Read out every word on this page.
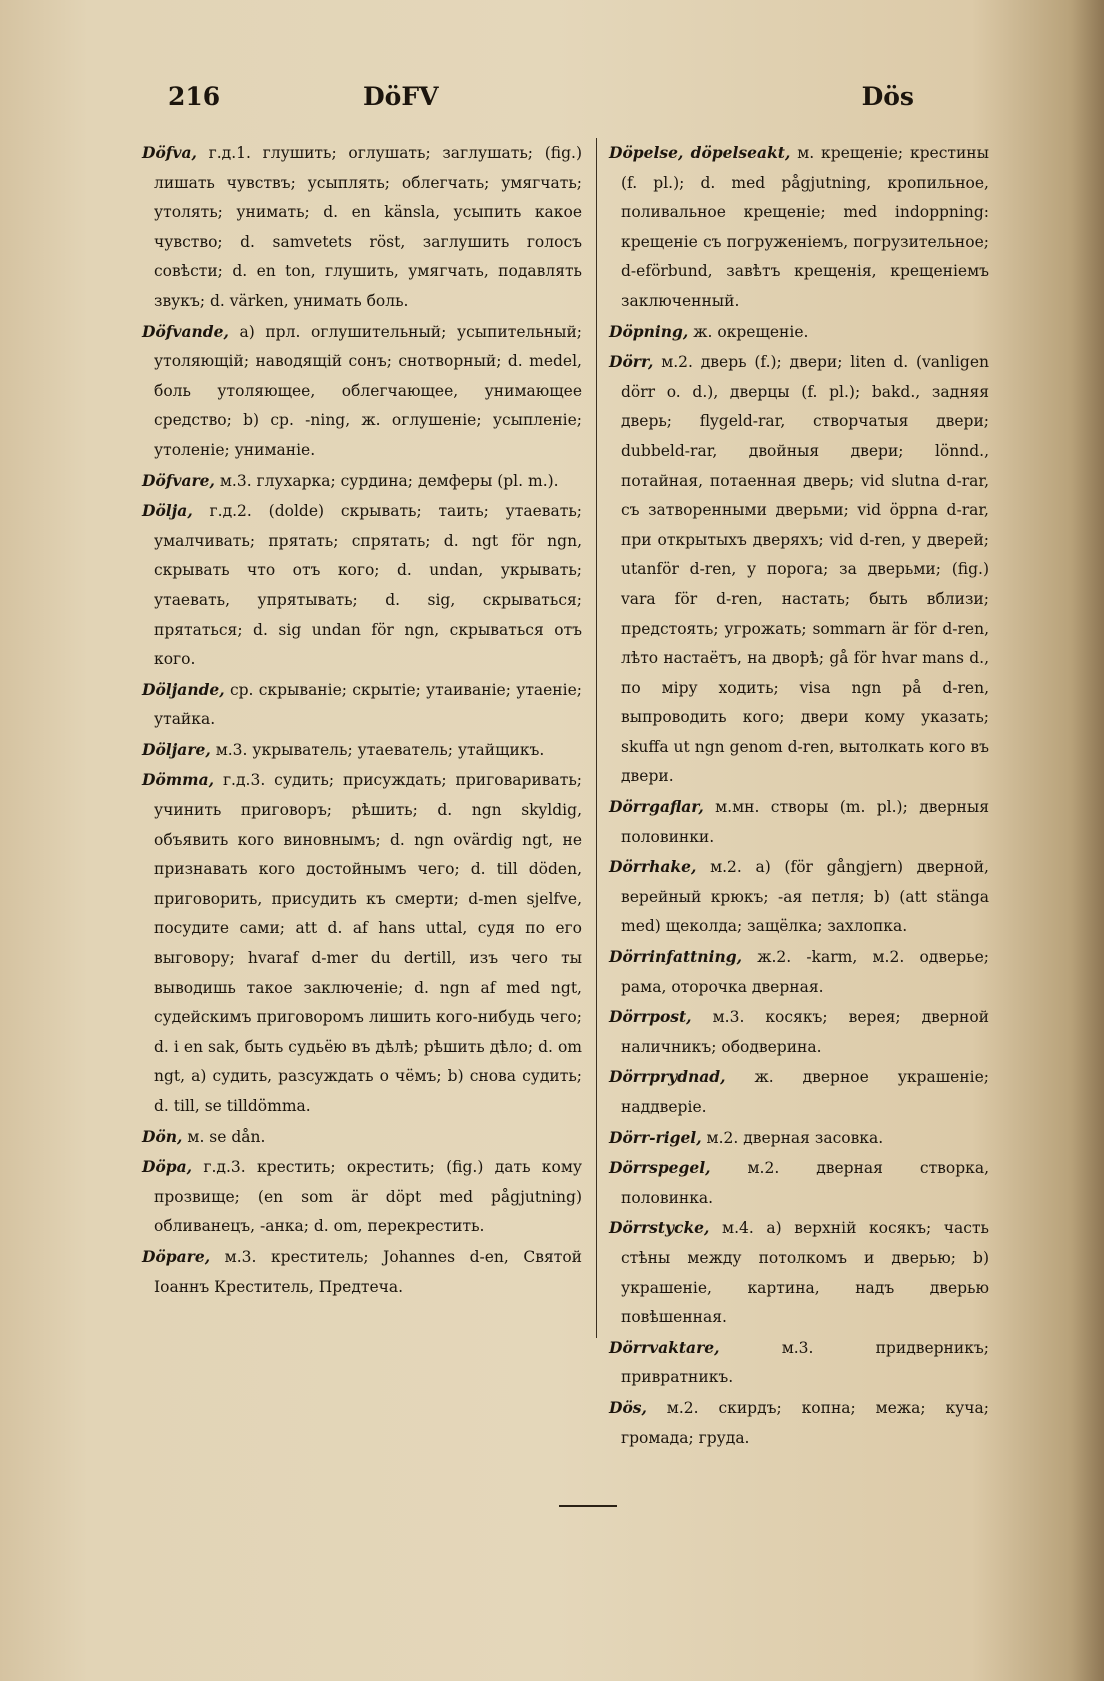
216	DöFV	Dös

Döfva, г.д.1. глушить; оглушать; заглушать; (fig.) лишать чувствъ; усыплять; облегчать; умягчать; утолять; унимать; d. en känsla, усыпить какое чувство; d. samvetets röst, заглушить голосъ совѣсти; d. en ton, глушить, умягчать, подавлять звукъ; d. värken, унимать боль.

Döfvande, а) прл. оглушительный; усыпительный; утоляющій; наводящій сонъ; снотворный; d. medel, боль утоляющее, облегчающее, унимающее средство; b) ср. -ning, ж. оглушеніе; усыпленіе; утоленіе; униманіе.

Döfvare, м.3. глухарка; сурдина; демферы (pl. m.).

Dölja, г.д.2. (dolde) скрывать; таить; утаевать; умалчивать; прятать; спрятать; d. ngt för ngn, скрывать что отъ кого; d. undan, укрывать; утаевать, упрятывать; d. sig, скрываться; прятаться; d. sig undan för ngn, скрываться отъ кого.

Döljande, ср. скрываніе; скрытіе; утаиваніе; утаеніе; утайка.

Döljare, м.3. укрыватель; утаеватель; утайщикъ.

Dömma, г.д.3. судить; присуждать; приговаривать; учинить приговоръ; рѣшить; d. ngn skyldig, объявить кого виновнымъ; d. ngn ovärdig ngt, не признавать кого достойнымъ чего; d. till döden, приговорить, присудить къ смерти; d-men sjelfve, посудите сами; att d. af hans uttal, судя по его выговору; hvaraf d-mer du dertill, изъ чего ты выводишь такое заключеніе; d. ngn af med ngt, судейскимъ приговоромъ лишить кого-нибудь чего; d. i en sak, быть судьёю въ дѣлѣ; рѣшить дѣло; d. om ngt, а) судить, разсуждать о чёмъ; b) снова судить; d. till, se tilldömma.

Dön, м. se dån.

Döpa, г.д.3. крестить; окрестить; (fig.) дать кому прозвище; (en som är döpt med pågjutning) обливанецъ, -анка; d. om, перекрестить.

Döpare, м.3. креститель; Johannes d-en, Святой Іоаннъ Креститель, Предтеча.

Döpelse, döpelseakt, м. крещеніе; крестины (f. pl.); d. med pågjutning, кропильное, поливальное крещеніе; med indoppning: крещеніе съ погруженіемъ, погрузительное; d-eförbund, завѣтъ крещенія, крещеніемъ заключенный.

Döpning, ж. окрещеніе.

Dörr, м.2. дверь (f.); двери; liten d. (vanligen dörr o. d.), дверцы (f. pl.); bakd., задняя дверь; flygeld-rar, створчатыя двери; dubbeld-rar, двойныя двери; lönnd., потайная, потаенная дверь; vid slutna d-rar, съ затворенными дверьми; vid öppna d-rar, при открытыхъ дверяхъ; vid d-ren, у дверей; utanför d-ren, у порога; за дверьми; (fig.) vara för d-ren, настать; быть вблизи; предстоять; угрожать; sommarn är för d-ren, лѣто настаётъ, на дворѣ; gå för hvar mans d., по міру ходить; visa ngn på d-ren, выпроводить кого; двери кому указать; skuffa ut ngn genom d-ren, вытолкать кого въ двери.

Dörrgaflar, м.мн. створы (m. pl.); дверныя половинки.

Dörrhake, м.2. а) (för gångjern) дверной, верейный крюкъ; -ая петля; b) (att stänga med) щеколда; защёлка; захлопка.

Dörrinfattning, ж.2. -karm, м.2. одверье; рама, оторочка дверная.

Dörrpost, м.3. косякъ; верея; дверной наличникъ; ободверина.

Dörrprydnad, ж. дверное украшеніе; наддверіе.

Dörr-rigel, м.2. дверная засовка.

Dörrspegel, м.2. дверная створка, половинка.

Dörrstycke, м.4. а) верхній косякъ; часть стѣны между потолкомъ и дверью; b) украшеніе, картина, надъ дверью повѣшенная.

Dörrvaktare,	м.3. придверникъ; привратникъ.

Dös, м.2. скирдъ; копна; межа; куча; громада; груда.
